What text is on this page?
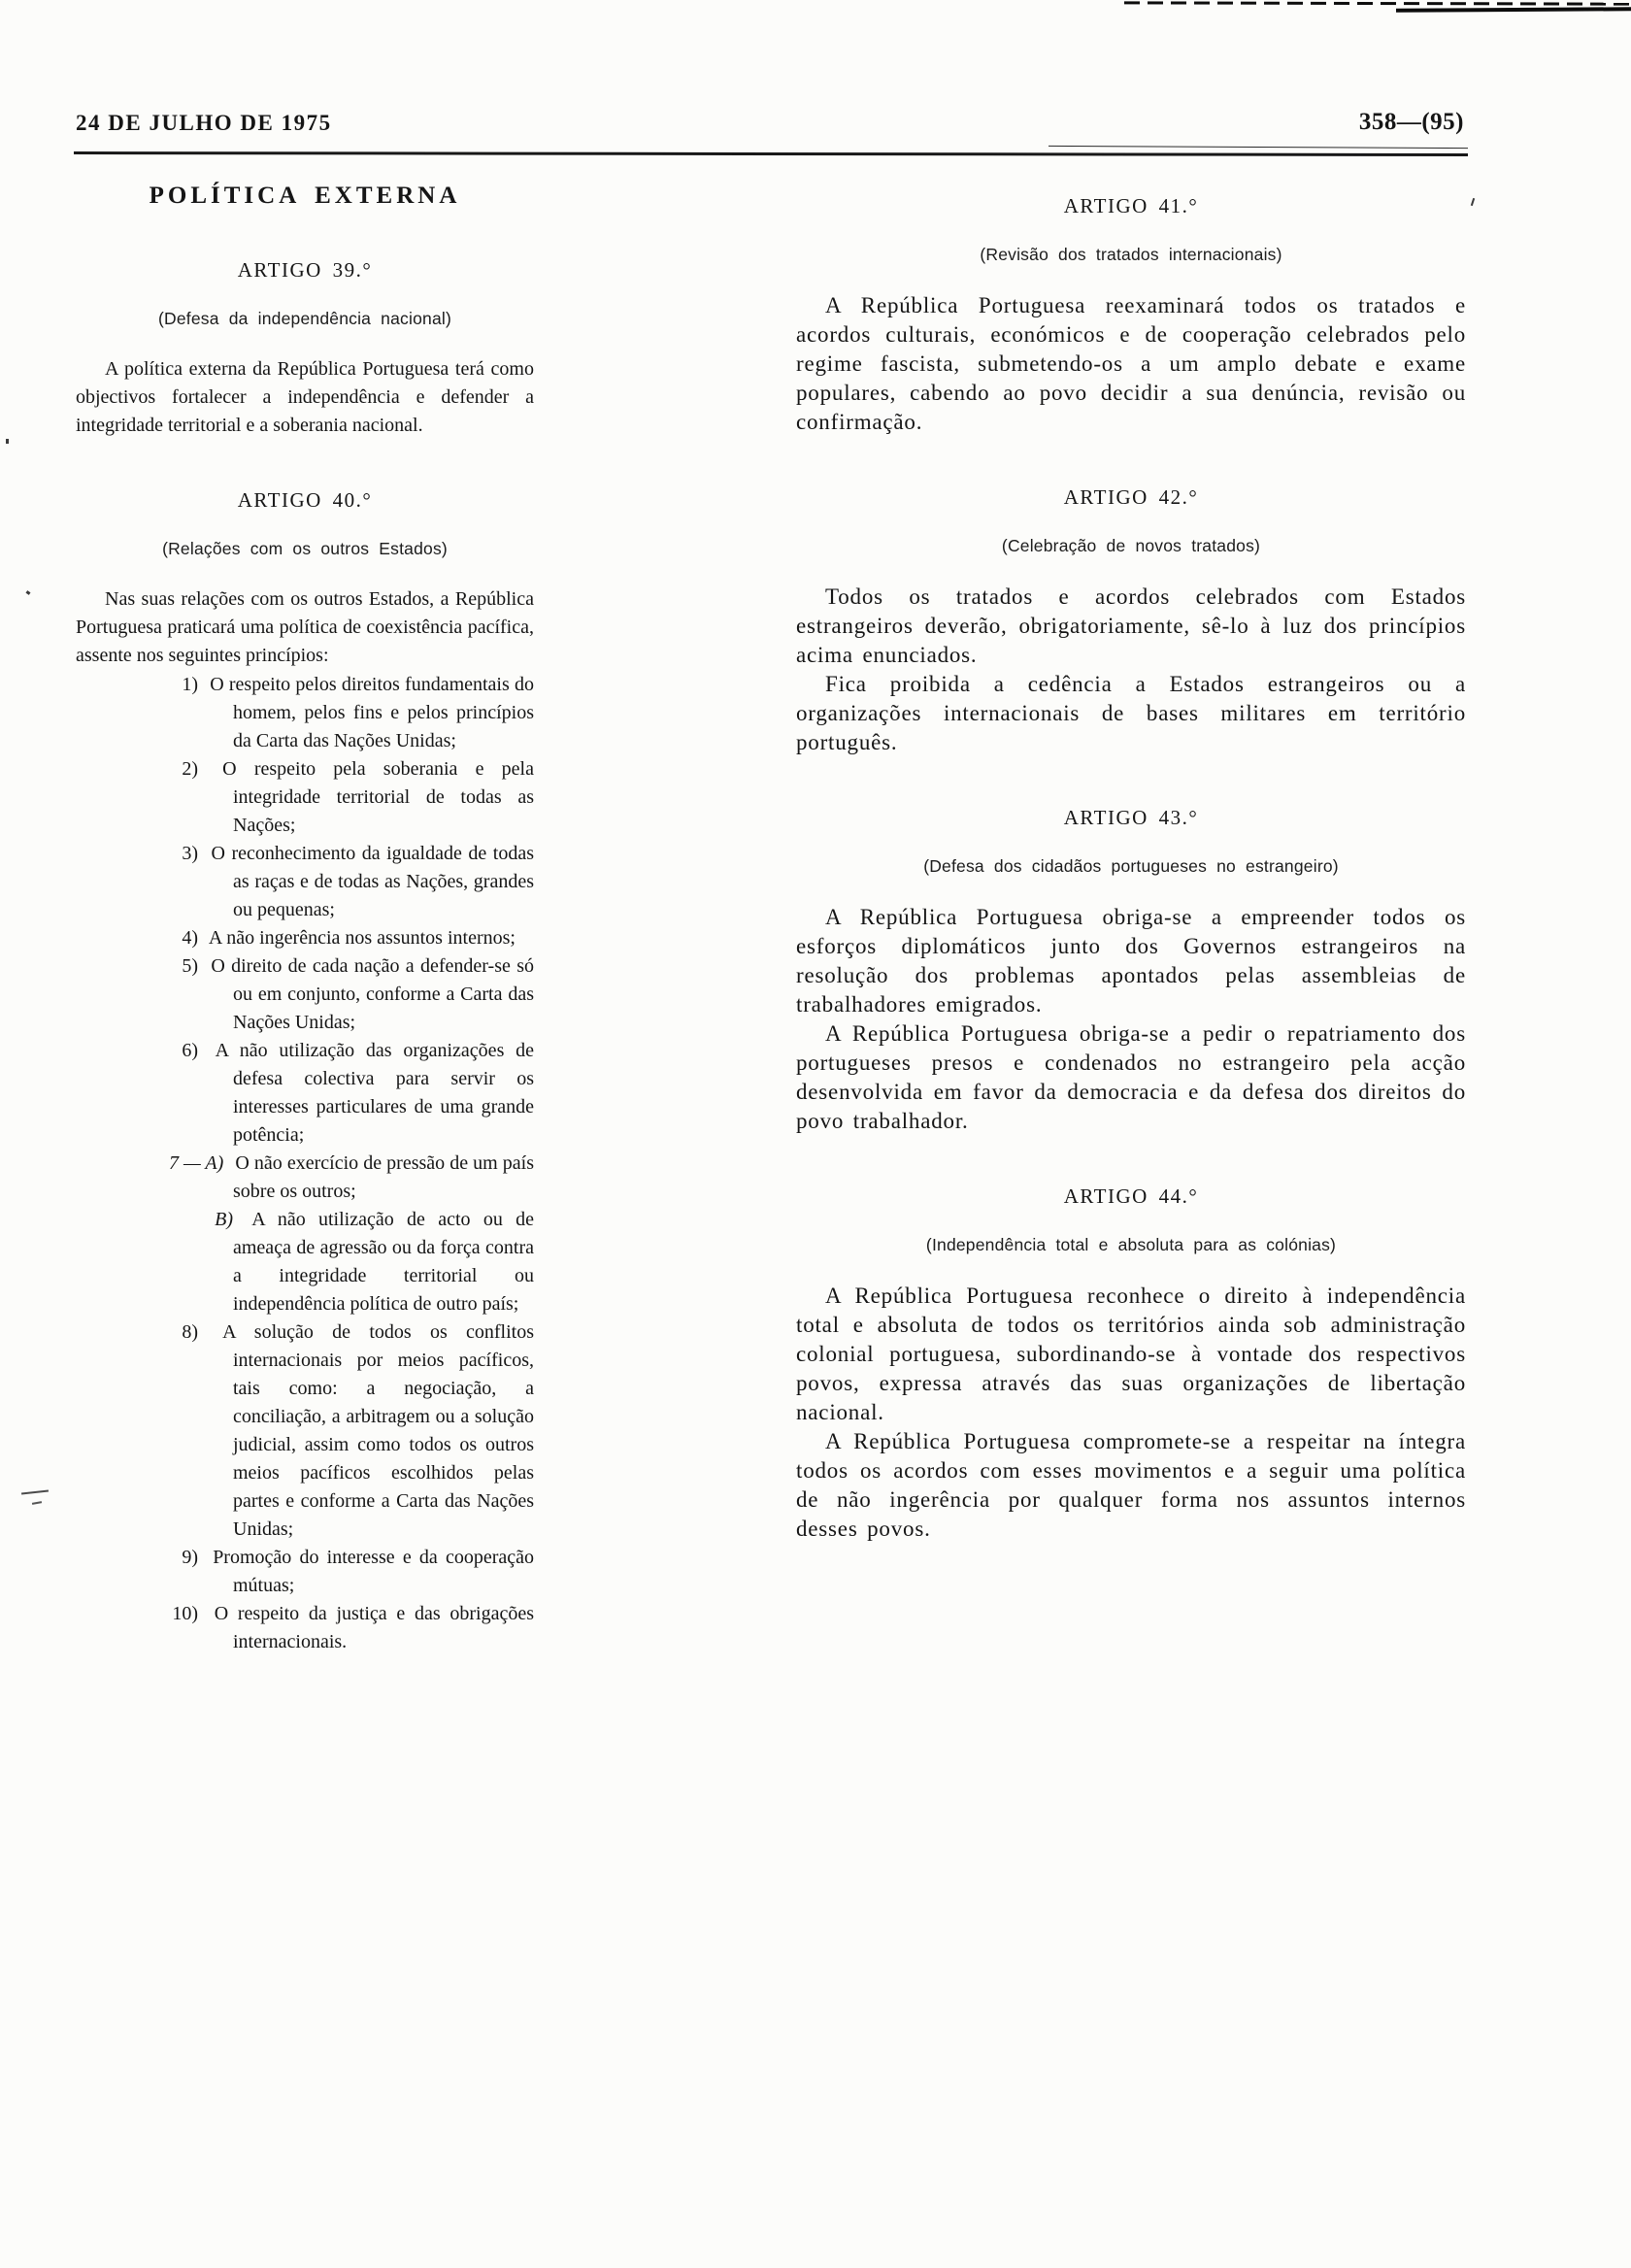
24 DE JULHO DE 1975	358—(95)
POLÍTICA EXTERNA
ARTIGO 39.°
(Defesa da independência nacional)

A política externa da República Portuguesa terá como objectivos fortalecer a independência e defender a integridade territorial e a soberania nacional.

ARTIGO 40.°
(Relações com os outros Estados)

Nas suas relações com os outros Estados, a República Portuguesa praticará uma política de coexistência pacífica, assente nos seguintes princípios:

1) O respeito pelos direitos fundamentais do homem, pelos fins e pelos princípios da Carta das Nações Unidas;
2) O respeito pela soberania e pela integridade territorial de todas as Nações;
3) O reconhecimento da igualdade de todas as raças e de todas as Nações, grandes ou pequenas;
4) A não ingerência nos assuntos internos;
5) O direito de cada nação a defender-se só ou em conjunto, conforme a Carta das Nações Unidas;
6) A não utilização das organizações de defesa colectiva para servir os interesses particulares de uma grande potência;
7 — A) O não exercício de pressão de um país sobre os outros;
B) A não utilização de acto ou de ameaça de agressão ou da força contra a integridade territorial ou independência política de outro país;
8) A solução de todos os conflitos internacionais por meios pacíficos, tais como: a negociação, a conciliação, a arbitragem ou a solução judicial, assim como todos os outros meios pacíficos escolhidos pelas partes e conforme a Carta das Nações Unidas;
9) Promoção do interesse e da cooperação mútuas;
10) O respeito da justiça e das obrigações internacionais.
ARTIGO 41.°
(Revisão dos tratados internacionais)

A República Portuguesa reexaminará todos os tratados e acordos culturais, económicos e de cooperação celebrados pelo regime fascista, submetendo-os a um amplo debate e exame populares, cabendo ao povo decidir a sua denúncia, revisão ou confirmação.

ARTIGO 42.°
(Celebração de novos tratados)

Todos os tratados e acordos celebrados com Estados estrangeiros deverão, obrigatoriamente, sê-lo à luz dos princípios acima enunciados.

Fica proibida a cedência a Estados estrangeiros ou a organizações internacionais de bases militares em território português.

ARTIGO 43.°
(Defesa dos cidadãos portugueses no estrangeiro)

A República Portuguesa obriga-se a empreender todos os esforços diplomáticos junto dos Governos estrangeiros na resolução dos problemas apontados pelas assembleias de trabalhadores emigrados.

A República Portuguesa obriga-se a pedir o repatriamento dos portugueses presos e condenados no estrangeiro pela acção desenvolvida em favor da democracia e da defesa dos direitos do povo trabalhador.

ARTIGO 44.°
(Independência total e absoluta para as colónias)

A República Portuguesa reconhece o direito à independência total e absoluta de todos os territórios ainda sob administração colonial portuguesa, subordinando-se à vontade dos respectivos povos, expressa através das suas organizações de libertação nacional.

A República Portuguesa compromete-se a respeitar na íntegra todos os acordos com esses movimentos e a seguir uma política de não ingerência por qualquer forma nos assuntos internos desses povos.
